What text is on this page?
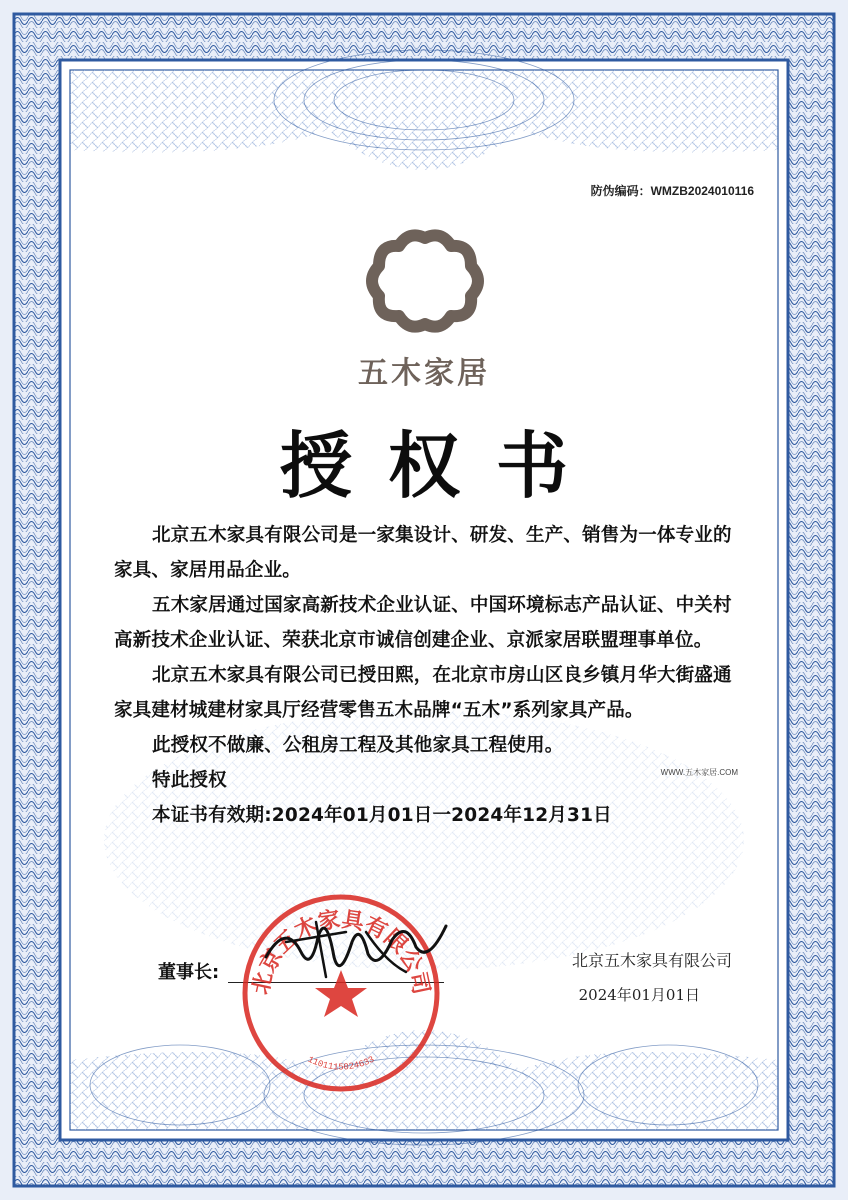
防伪编码：WMZB2024010116
五木家居
授权书

北京五木家具有限公司是一家集设计、研发、生产、销售为一体专业的家具、家居用品企业。

五木家居通过国家高新技术企业认证、中国环境标志产品认证、中关村高新技术企业认证、荣获北京市诚信创建企业、京派家居联盟理事单位。

北京五木家具有限公司已授田熙，在北京市房山区良乡镇月华大街盛通家具建材城建材家具厅经营零售五木品牌“五木”系列家具产品。

此授权不做廉、公租房工程及其他家具工程使用。

特此授权

本证书有效期:2024年01月01日一2024年12月31日

WWW.五木家居.COM
董事长:
北京五木家具有限公司
2024年01月01日
北京五木家具有限公司
1101115024633
